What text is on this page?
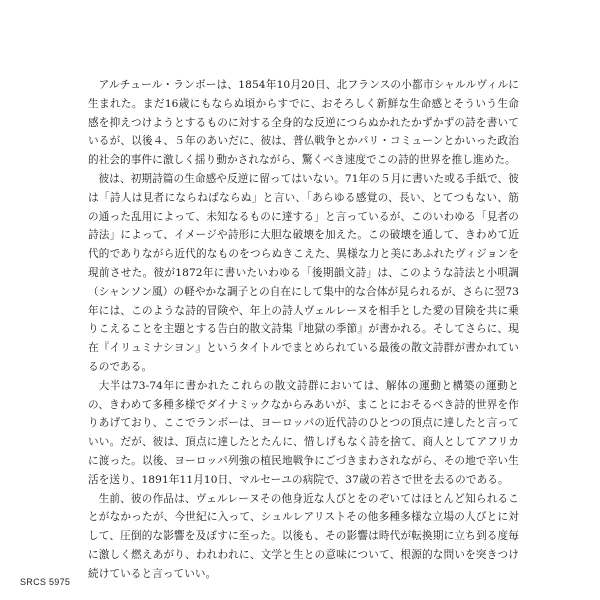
アルチュール・ランボーは、1854年10月20日、北フランスの小都市シャルルヴィルに生まれた。まだ16歳にもならぬ頃からすでに、おそろしく新鮮な生命感とそういう生命感を抑えつけようとするものに対する全身的な反逆につらぬかれたかずかずの詩を書いているが、以後４、５年のあいだに、彼は、普仏戦争とかパリ・コミューンとかいった政治的社会的事件に激しく揺り動かされながら、驚くべき速度でこの詩的世界を推し進めた。

彼は、初期詩篇の生命感や反逆に留ってはいない。71年の５月に書いた或る手紙で、彼は「詩人は見者にならねばならぬ」と言い、「あらゆる感覚の、長い、とてつもない、筋の通った乱用によって、未知なるものに達する」と言っているが、このいわゆる「見者の詩法」によって、イメージや詩形に大胆な破壊を加えた。この破壊を通して、きわめて近代的でありながら近代的なものをつらぬきこえた、異様な力と美にあふれたヴィジョンを現前させた。彼が1872年に書いたいわゆる「後期韻文詩」は、このような詩法と小唄調（シャンソン風）の軽やかな調子との自在にして集中的な合体が見られるが、さらに翌73年には、このような詩的冒険や、年上の詩人ヴェルレーヌを相手とした愛の冒険を共に乗りこえることを主題とする告白的散文詩集『地獄の季節』が書かれる。そしてさらに、現在『イリュミナシヨン』というタイトルでまとめられている最後の散文詩群が書かれているのである。

大半は73-74年に書かれたこれらの散文詩群においては、解体の運動と構築の運動との、きわめて多種多様でダイナミックなからみあいが、まことにおそるべき詩的世界を作りあげており、ここでランボーは、ヨーロッパの近代詩のひとつの頂点に達したと言っていい。だが、彼は、頂点に達したとたんに、惜しげもなく詩を捨て、商人としてアフリカに渡った。以後、ヨーロッパ列強の植民地戦争にごづきまわされながら、その地で辛い生活を送り、1891年11月10日、マルセーユの病院で、37歳の若さで世を去るのである。

生前、彼の作品は、ヴェルレーヌその他身近な人びとをのぞいてはほとんど知られることがなかったが、今世紀に入って、シュルレアリストその他多種多様な立場の人びとに対して、圧倒的な影響を及ぼすに至った。以後も、その影響は時代が転換期に立ち到る度毎に激しく燃えあがり、われわれに、文学と生との意味について、根源的な問いを突きつけ続けていると言っていい。

SRCS 5975
